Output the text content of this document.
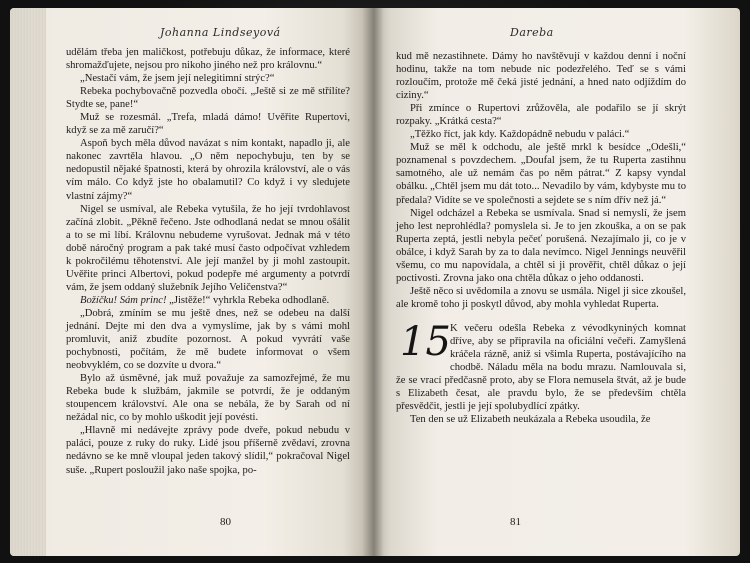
Johanna Lindseyová

udělám třeba jen maličkost, potřebuju důkaz, že informace, které shromažďujete, nejsou pro nikoho jiného než pro královnu.“

„Nestačí vám, že jsem její nelegitimní strýc?“

Rebeka pochybovačně pozvedla obočí. „Ještě si ze mě střílíte? Stydte se, pane!“

Muž se rozesmál. „Trefa, mladá dámo! Uvěřite Rupertovi, když se za mě zaručí?“

Aspoň bych měla důvod navázat s ním kontakt, napadlo ji, ale nakonec zavrtěla hlavou. „O něm nepochybuju, ten by se nedopustil nějaké špatnosti, která by ohrozila království, ale o vás vím málo. Co když jste ho obalamutil? Co když i vy sledujete vlastní zájmy?“

Nigel se usmíval, ale Rebeka vytušila, že ho její tvrdohlavost začíná zlobit. „Pěkně řečeno. Jste odhodlaná nedat se mnou ošálit a to se mi líbí. Královnu nebudeme vyrušovat. Jednak má v této době náročný program a pak také musí často odpočívat vzhledem k pokročilému těhotenství. Ale její manžel by ji mohl zastoupit. Uvěřite princi Albertovi, pokud podepře mé argumenty a potvrdí vám, že jsem oddaný služebník Jejího Veličenstva?“

Božíčku! Sám princ! „Jistěže!“ vyhrkla Rebeka odhodlaně.

„Dobrá, zmíním se mu ještě dnes, než se odebeu na další jednání. Dejte mi den dva a vymyslíme, jak by s vámi mohl promluvit, aniž zbudíte pozornost. A pokud vyvrátí vaše pochybnosti, počítám, že mě budete informovat o všem neobvyklém, co se dozvíte u dvora.“

Bylo až úsměvné, jak muž považuje za samozřejmé, že mu Rebeka bude k službám, jakmile se potvrdí, že je oddaným stoupencem království. Ale ona se nebála, že by Sarah od ní nežádal nic, co by mohlo uškodit její povésti.

„Hlavně mi nedávejte zprávy pode dveře, pokud nebudu v paláci, pouze z ruky do ruky. Lidé jsou příšerně zvědaví, zrovna nedávno se ke mně vloupal jeden takový slídil,“ pokračoval Nigel suše. „Rupert posloužil jako naše spojka, po-

80
Dareba

kud mě nezastihnete. Dámy ho navštěvují v každou denní i noční hodinu, takže na tom nebude nic podezřelého. Teď se s vámi rozloučím, protože mě čeká jisté jednání, a hned nato odjíždím do ciziny.“

Při zmínce o Rupertovi zrůžověla, ale podařilo se jí skrýt rozpaky. „Krátká cesta?“

„Těžko říct, jak kdy. Každopádně nebudu v paláci.“

Muž se měl k odchodu, ale ještě mrkl k besídce „Odešli,“ poznamenal s povzdechem. „Doufal jsem, že tu Ruperta zastihnu samotného, ale už nemám čas po něm pátrat.“ Z kapsy vyndal obálku. „Chtěl jsem mu dát toto... Nevadilo by vám, kdybyste mu to předala? Vidíte se ve společnosti a sejdete se s ním dřív než já.“

Nigel odcházel a Rebeka se usmívala. Snad si nemyslí, že jsem jeho lest neprohlédla? pomyslela si. Je to jen zkouška, a on se pak Ruperta zeptá, jestli nebyla pečeť porušená. Nezajímalo ji, co je v obálce, i když Sarah by za to dala nevímco. Nigel Jennings neuvěřil všemu, co mu napovídala, a chtěl si ji prověřit, chtěl důkaz o její poctivosti. Zrovna jako ona chtěla důkaz o jeho oddanosti.

Ještě něco si uvědomila a znovu se usmála. Nigel ji sice zkoušel, ale kromě toho ji poskytl důvod, aby mohla vyhledat Ruperta.

15 K večeru odešla Rebeka z vévodkyniných komnat dříve, aby se připravila na oficiální večeři. Zamyšlená kráčela rázně, aniž si všimla Ruperta, postávajícího na chodbě. Náladu měla na bodu mrazu. Namlouvala si, že se vrací předčasně proto, aby se Flora nemusela štvát, až je bude s Elizabeth česat, ale pravdu bylo, že se především chtěla přesvědčit, jestli je její spolubydlící zpátky.

Ten den se už Elizabeth neukázala a Rebeka usoudila, že

81
